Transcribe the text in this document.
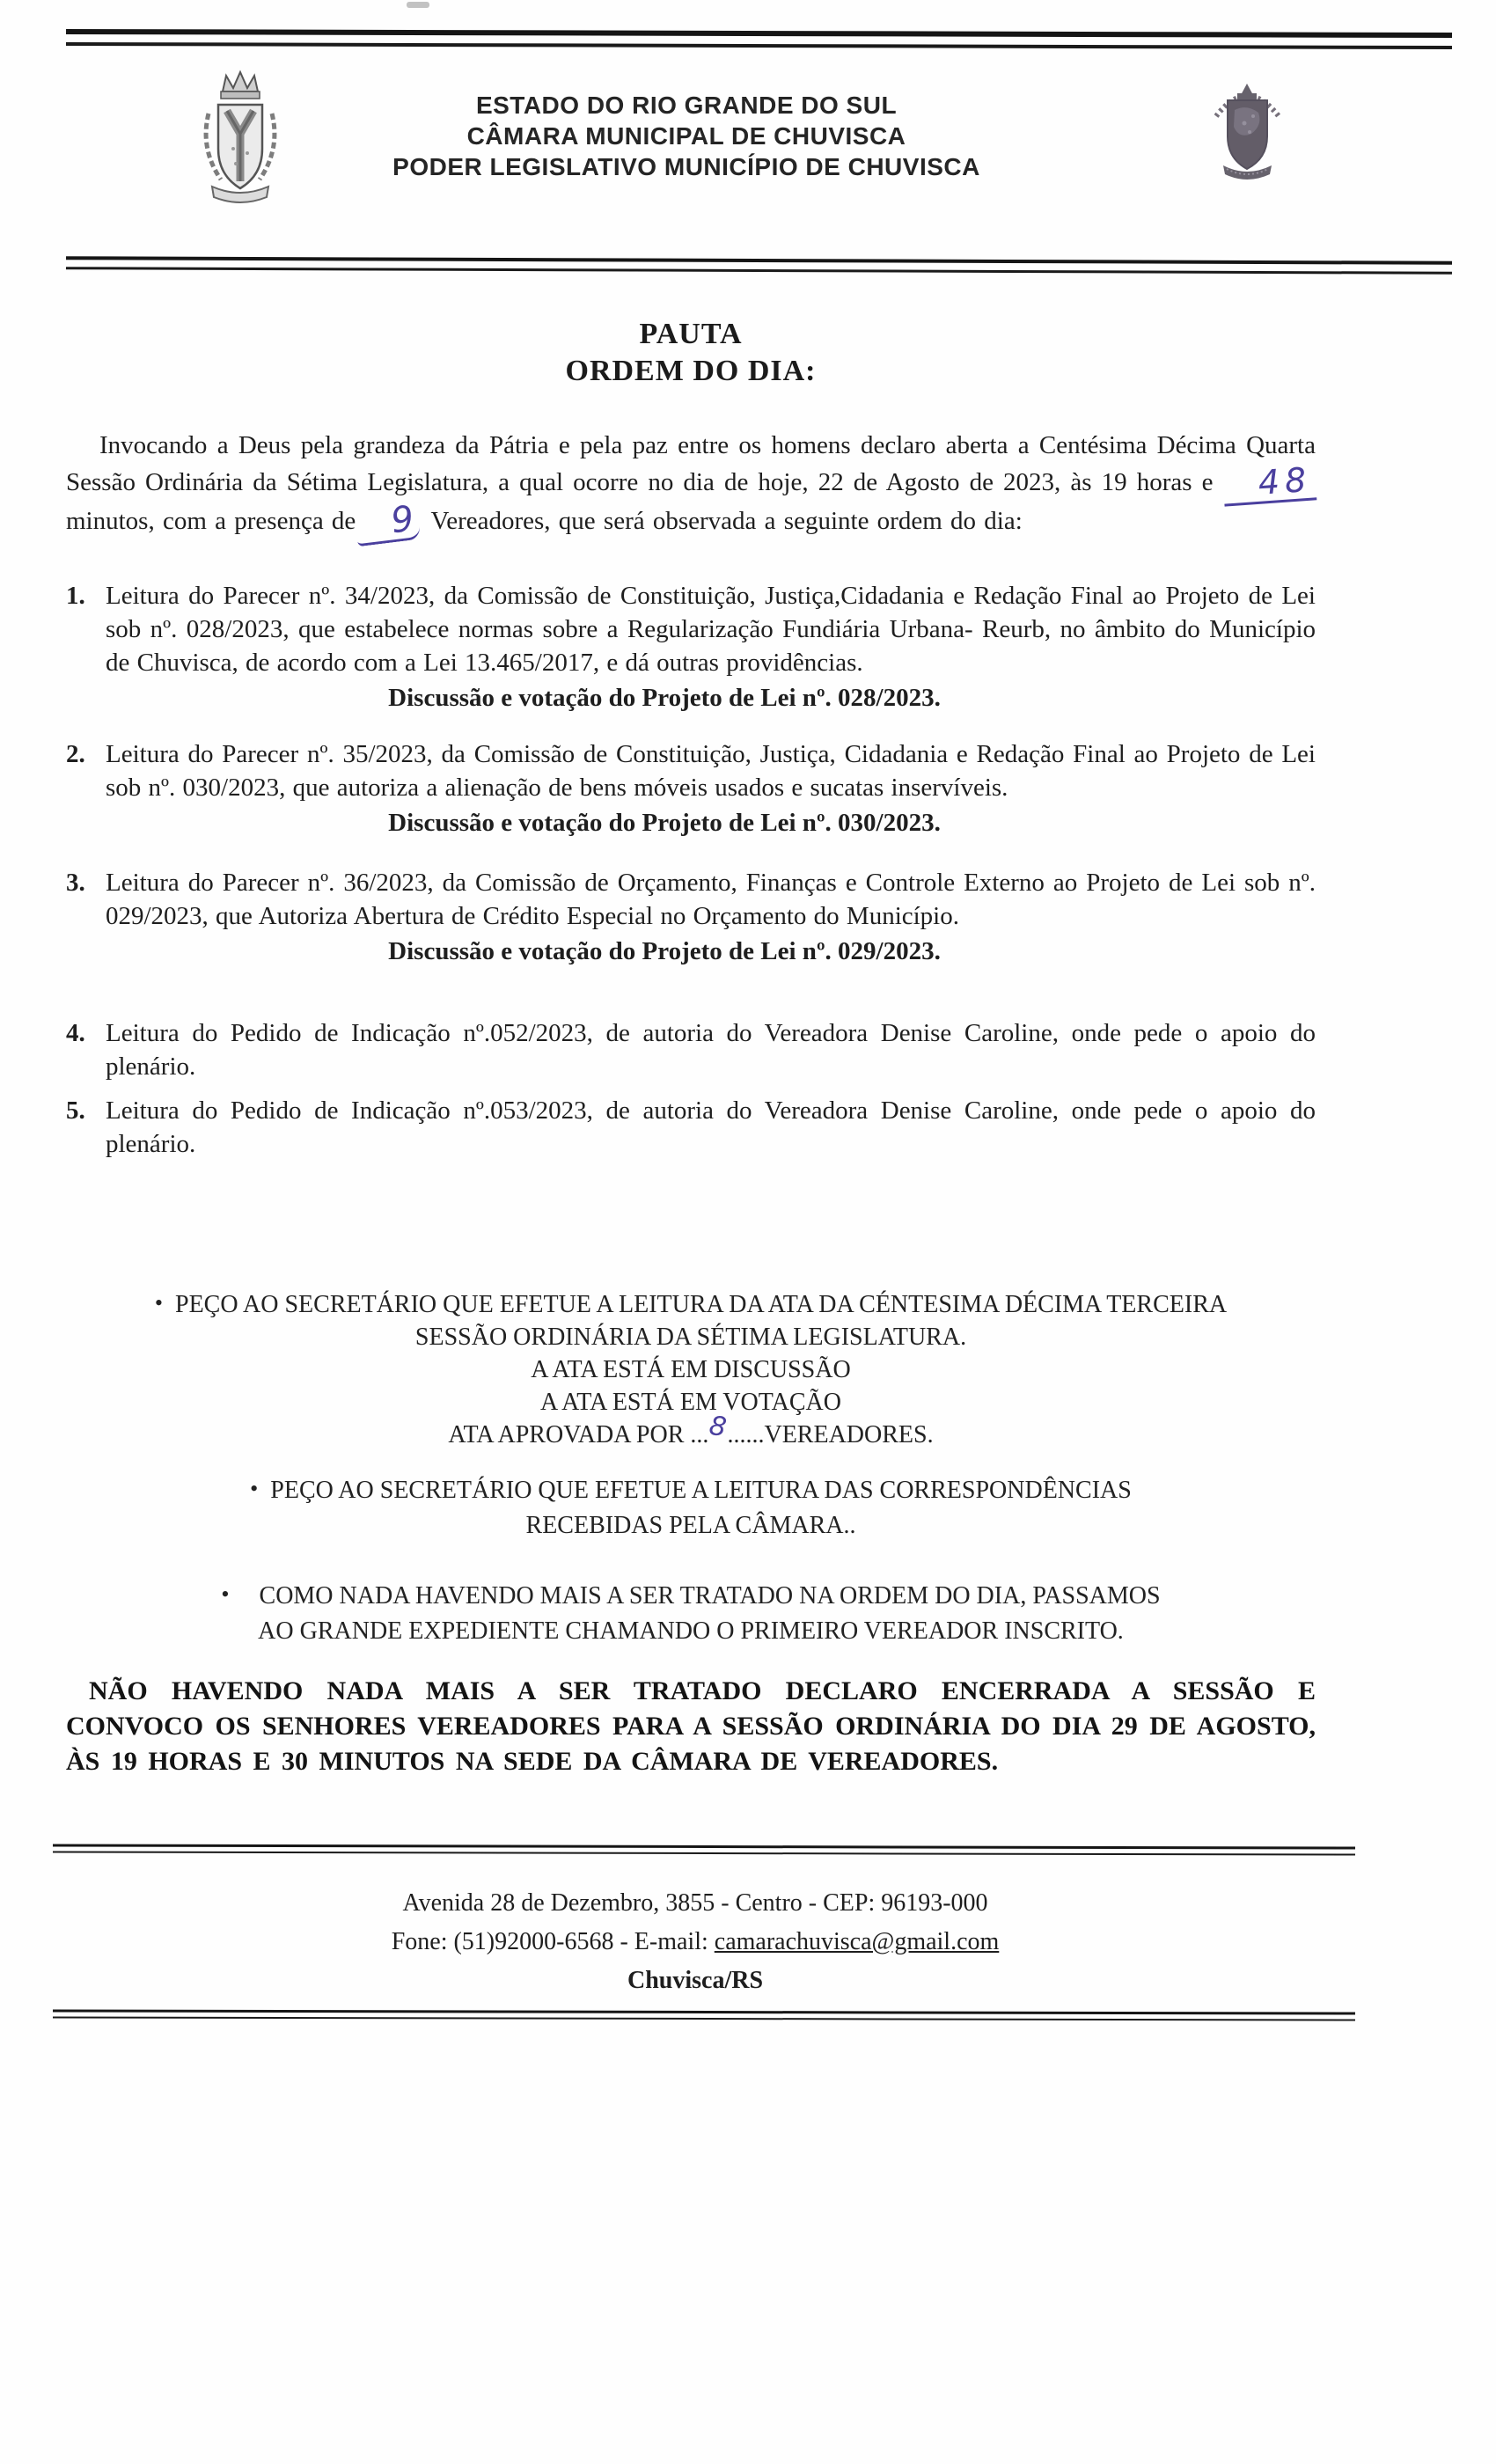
ESTADO DO RIO GRANDE DO SUL
CÂMARA MUNICIPAL DE CHUVISCA
PODER LEGISLATIVO MUNICÍPIO DE CHUVISCA
PAUTA
ORDEM DO DIA:

Invocando a Deus pela grandeza da Pátria e pela paz entre os homens declaro aberta a Centésima Décima Quarta Sessão Ordinária da Sétima Legislatura, a qual ocorre no dia de hoje, 22 de Agosto de 2023, às 19 horas e 48 minutos, com a presença de 9 Vereadores, que será observada a seguinte ordem do dia:

1. Leitura do Parecer nº. 34/2023, da Comissão de Constituição, Justiça,Cidadania e Redação Final ao Projeto de Lei sob nº. 028/2023, que estabelece normas sobre a Regularização Fundiária Urbana- Reurb, no âmbito do Município de Chuvisca, de acordo com a Lei 13.465/2017, e dá outras providências.
Discussão e votação do Projeto de Lei nº. 028/2023.
2. Leitura do Parecer nº. 35/2023, da Comissão de Constituição, Justiça, Cidadania e Redação Final ao Projeto de Lei sob nº. 030/2023, que autoriza a alienação de bens móveis usados e sucatas inservíveis.
Discussão e votação do Projeto de Lei nº. 030/2023.
3. Leitura do Parecer nº. 36/2023, da Comissão de Orçamento, Finanças e Controle Externo ao Projeto de Lei sob nº. 029/2023, que Autoriza Abertura de Crédito Especial no Orçamento do Município.
Discussão e votação do Projeto de Lei nº. 029/2023.
4. Leitura do Pedido de Indicação nº.052/2023, de autoria do Vereadora Denise Caroline, onde pede o apoio do plenário.
5. Leitura do Pedido de Indicação nº.053/2023, de autoria do Vereadora Denise Caroline, onde pede o apoio do plenário.
• PEÇO AO SECRETÁRIO QUE EFETUE A LEITURA DA ATA DA CÉNTESIMA DÉCIMA TERCEIRA
SESSÃO ORDINÁRIA DA SÉTIMA LEGISLATURA.
A ATA ESTÁ EM DISCUSSÃO
A ATA ESTÁ EM VOTAÇÃO
ATA APROVADA POR ...8......VEREADORES.
• PEÇO AO SECRETÁRIO QUE EFETUE A LEITURA DAS CORRESPONDÊNCIAS
RECEBIDAS PELA CÂMARA..
• COMO NADA HAVENDO MAIS A SER TRATADO NA ORDEM DO DIA, PASSAMOS
AO GRANDE EXPEDIENTE CHAMANDO O PRIMEIRO VEREADOR INSCRITO.

NÃO HAVENDO NADA MAIS A SER TRATADO DECLARO ENCERRADA A SESSÃO E CONVOCO OS SENHORES VEREADORES PARA A SESSÃO ORDINÁRIA DO DIA 29 DE AGOSTO, ÀS 19 HORAS E 30 MINUTOS NA SEDE DA CÂMARA DE VEREADORES.

Avenida 28 de Dezembro, 3855 - Centro - CEP: 96193-000
Fone: (51)92000-6568 - E-mail: camarachuvisca@gmail.com
Chuvisca/RS
